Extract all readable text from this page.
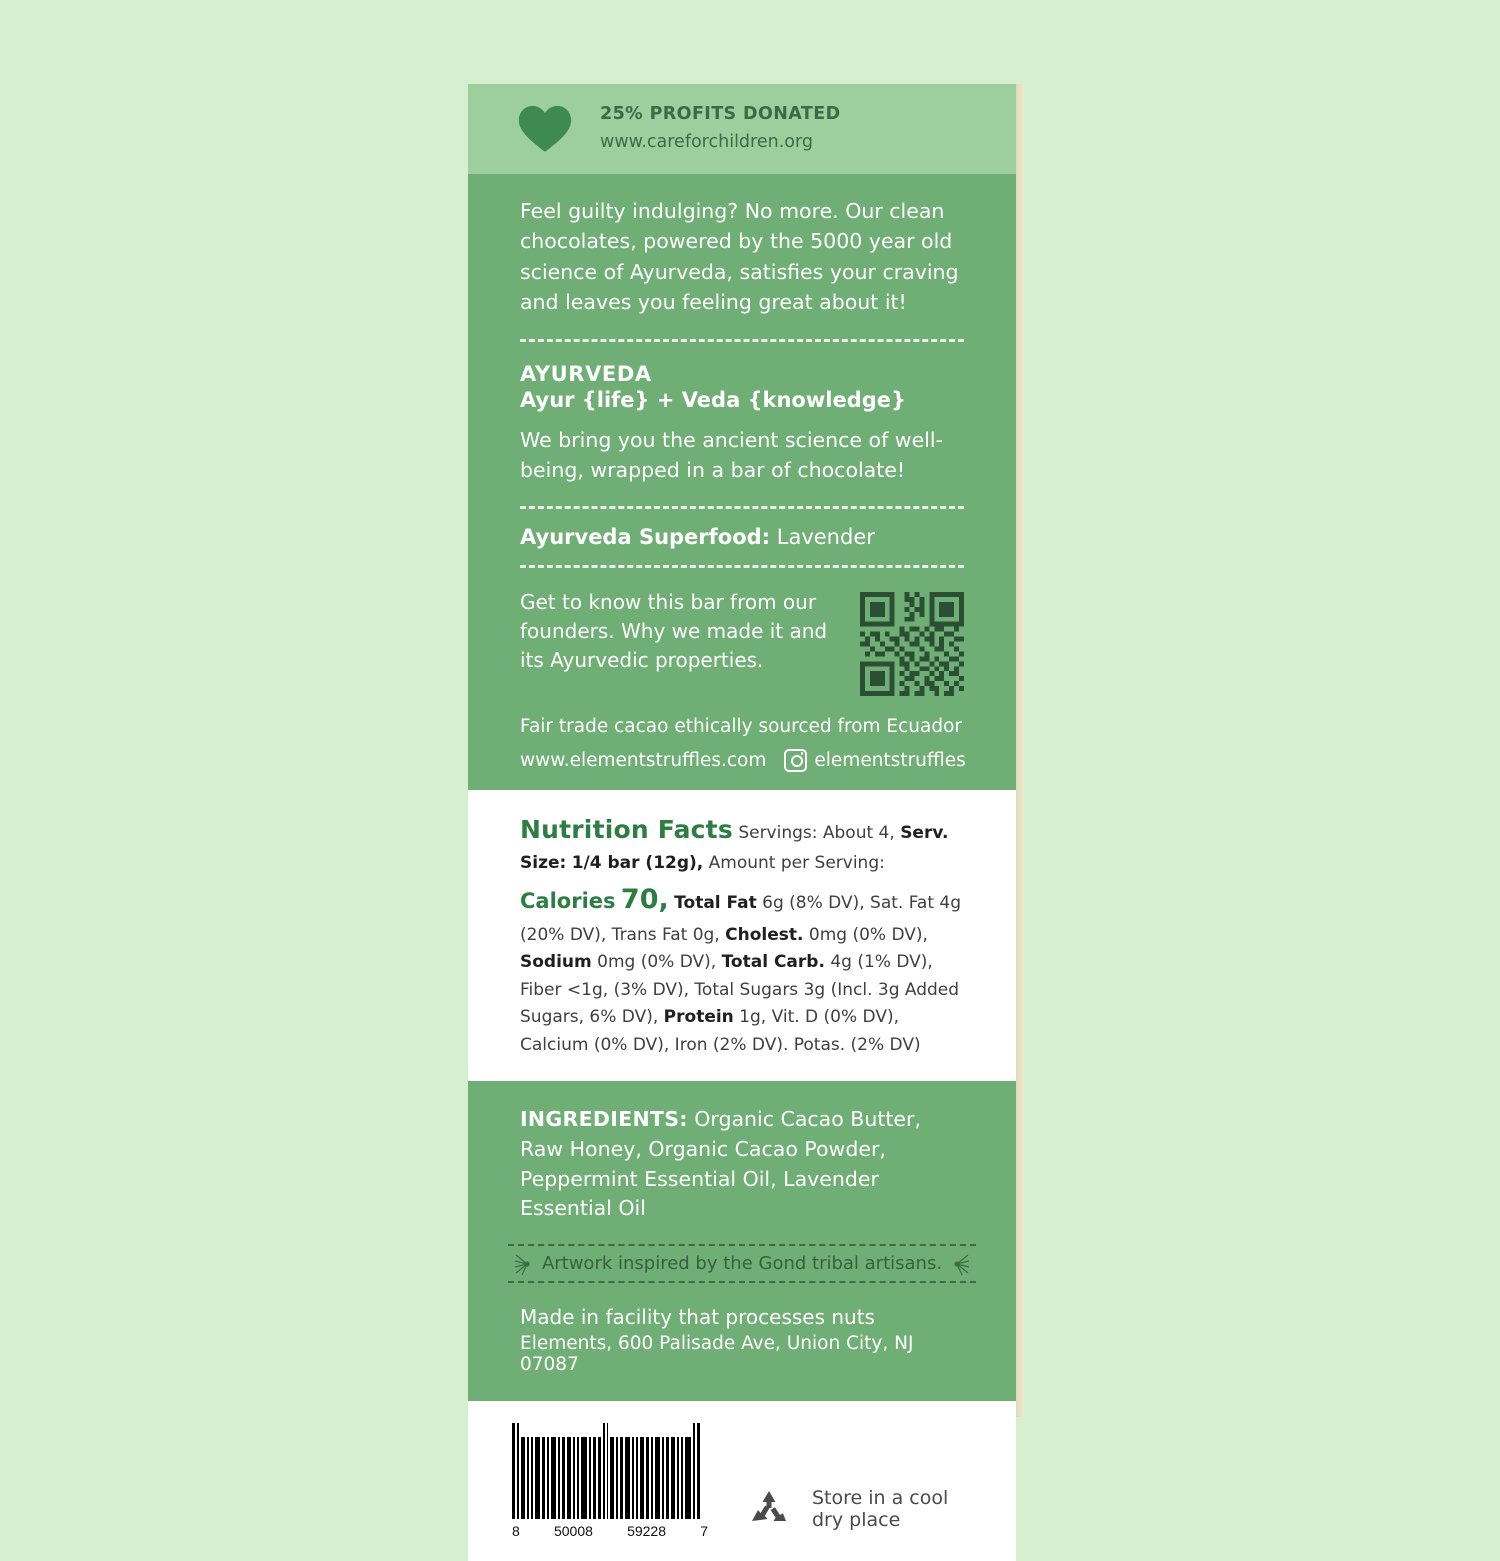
25% PROFITS DONATED
www.careforchildren.org
Feel guilty indulging? No more. Our clean chocolates, powered by the 5000 year old science of Ayurveda, satisfies your craving and leaves you feeling great about it!
AYURVEDA
Ayur {life} + Veda {knowledge}
We bring you the ancient science of well-being, wrapped in a bar of chocolate!
Ayurveda Superfood: Lavender

Get to know this bar from our founders. Why we made it and its Ayurvedic properties.

Fair trade cacao ethically sourced from Ecuador
www.elementstruffles.com	elementstruffles
Nutrition Facts Servings: About 4, Serv. Size: 1/4 bar (12g), Amount per Serving: Calories 70, Total Fat 6g (8% DV), Sat. Fat 4g (20% DV), Trans Fat 0g, Cholest. 0mg (0% DV), Sodium 0mg (0% DV), Total Carb. 4g (1% DV), Fiber <1g, (3% DV), Total Sugars 3g (Incl. 3g Added Sugars, 6% DV), Protein 1g, Vit. D (0% DV), Calcium (0% DV), Iron (2% DV). Potas. (2% DV)
INGREDIENTS: Organic Cacao Butter, Raw Honey, Organic Cacao Powder, Peppermint Essential Oil, Lavender Essential Oil
Artwork inspired by the Gond tribal artisans.
Made in facility that processes nuts
Elements, 600 Palisade Ave, Union City, NJ 07087
8 50008 59228 7
Store in a cool dry place
